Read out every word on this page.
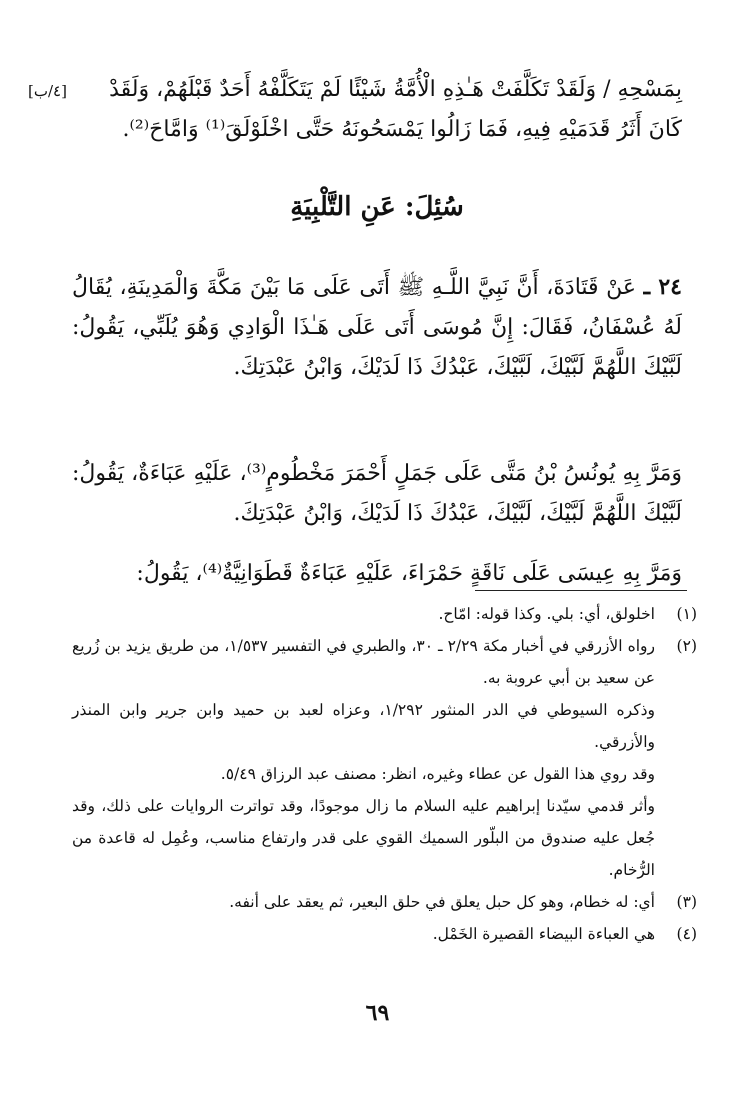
[٤/ب]	بِمَسْحِهِ / وَلَقَدْ تَكَلَّفَتْ هَـٰذِهِ الْأُمَّةُ شَيْئًا لَمْ يَتَكَلَّفْهُ أَحَدٌ قَبْلَهُمْ، وَلَقَدْ

كَانَ أَثَرُ قَدَمَيْهِ فِيهِ، فَمَا زَالُوا يَمْسَحُونَهُ حَتَّى اخْلَوْلَقَ⁽¹⁾ وَامَّاحَ⁽²⁾.

سُئِلَ: عَنِ التَّلْبِيَةِ

٢٤ ـ عَنْ قَتَادَةَ، أَنَّ نَبِيَّ اللَّـهِ ﷺ أَتَى عَلَى مَا بَيْنَ مَكَّةَ وَالْمَدِينَةِ، يُقَالُ لَهُ عُسْفَانُ، فَقَالَ: إِنَّ مُوسَى أَتَى عَلَى هَـٰذَا الْوَادِي وَهُوَ يُلَبِّي، يَقُولُ: لَبَّيْكَ اللَّهُمَّ لَبَّيْكَ، لَبَّيْكَ، عَبْدُكَ ذَا لَدَيْكَ، وَابْنُ عَبْدَتِكَ.

وَمَرَّ بِهِ يُونُسُ بْنُ مَتَّى عَلَى جَمَلٍ أَحْمَرَ مَخْطُومٍ⁽³⁾، عَلَيْهِ عَبَاءَةٌ، يَقُولُ: لَبَّيْكَ اللَّهُمَّ لَبَّيْكَ، لَبَّيْكَ، عَبْدُكَ ذَا لَدَيْكَ، وَابْنُ عَبْدَتِكَ.

وَمَرَّ بِهِ عِيسَى عَلَى نَاقَةٍ حَمْرَاءَ، عَلَيْهِ عَبَاءَةٌ قَطَوَانِيَّةٌ⁽⁴⁾، يَقُولُ:

(١)
اخلولق، أي: بلي. وكذا قوله: امّاح.
(٢)
رواه الأزرقي في أخبار مكة ٢/٢٩ ـ ٣٠، والطبري في التفسير ١/٥٣٧، من طريق يزيد بن زُريع عن سعيد بن أبي عروبة به.

وذكره السيوطي في الدر المنثور ١/٢٩٢، وعزاه لعبد بن حميد وابن جرير وابن المنذر والأزرقي.

وقد روي هذا القول عن عطاء وغيره، انظر: مصنف عبد الرزاق ٥/٤٩.

وأثر قدمي سيّدنا إبراهيم عليه السلام ما زال موجودًا، وقد تواترت الروايات على ذلك، وقد جُعل عليه صندوق من البلّور السميك القوي على قدر وارتفاع مناسب، وعُمِل له قاعدة من الرُّخام.

(٣)
أي: له خطام، وهو كل حبل يعلق في حلق البعير، ثم يعقد على أنفه.
(٤)
هي العباءة البيضاء القصيرة الخَمْل.
٦٩
